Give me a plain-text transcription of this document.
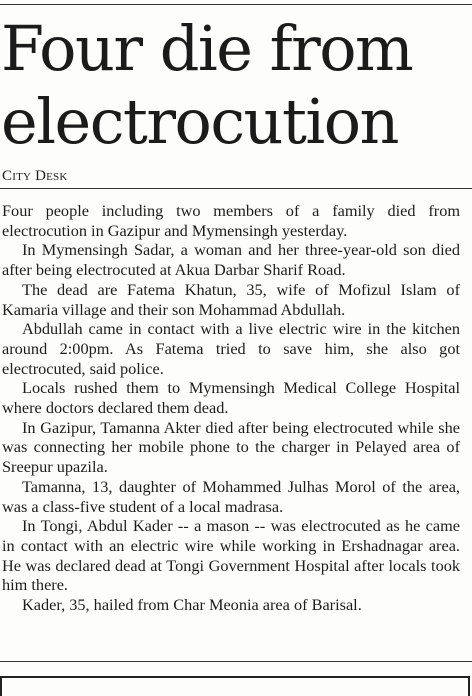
Four die from electrocution
City Desk

Four people including two members of a family died from electrocution in Gazipur and Mymensingh yesterday.

In Mymensingh Sadar, a woman and her three-year-old son died after being electrocuted at Akua Darbar Sharif Road.

The dead are Fatema Khatun, 35, wife of Mofizul Islam of Kamaria village and their son Mohammad Abdullah.

Abdullah came in contact with a live electric wire in the kitchen around 2:00pm. As Fatema tried to save him, she also got electrocuted, said police.

Locals rushed them to Mymensingh Medical College Hospital where doctors declared them dead.

In Gazipur, Tamanna Akter died after being electrocuted while she was connecting her mobile phone to the charger in Pelayed area of Sreepur upazila.

Tamanna, 13, daughter of Mohammed Julhas Morol of the area, was a class-five student of a local madrasa.

In Tongi, Abdul Kader -- a mason -- was electrocuted as he came in contact with an electric wire while working in Ershadnagar area. He was declared dead at Tongi Government Hospital after locals took him there.

Kader, 35, hailed from Char Meonia area of Barisal.
